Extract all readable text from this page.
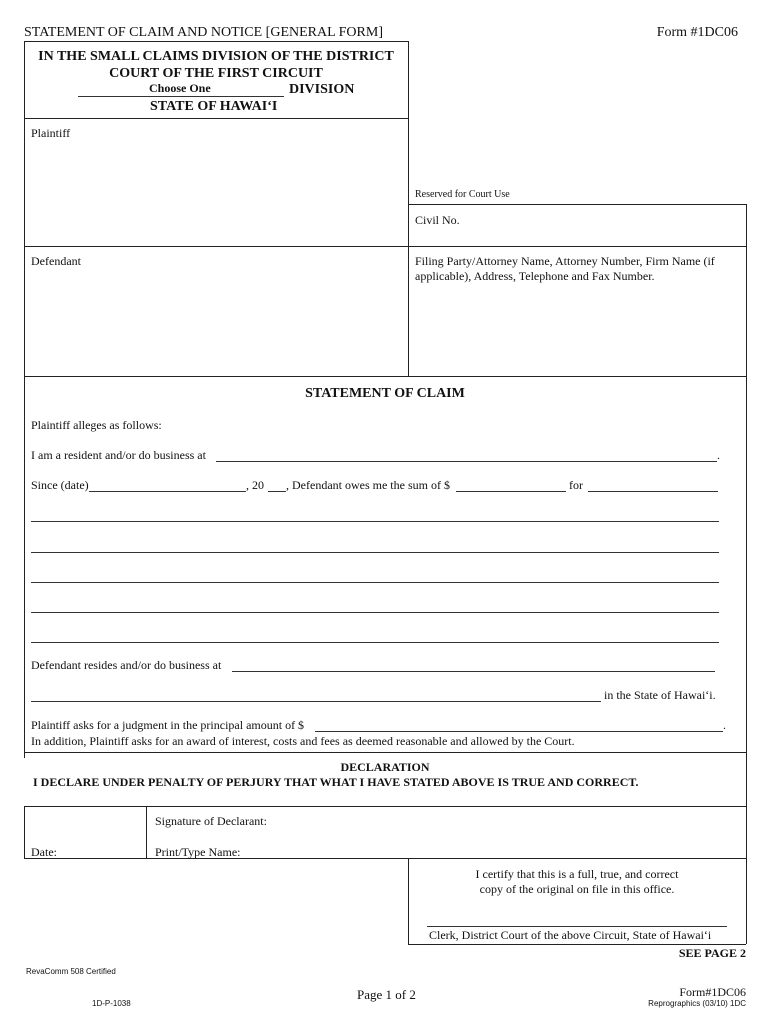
STATEMENT OF CLAIM AND NOTICE [GENERAL FORM]	Form #1DC06
IN THE SMALL CLAIMS DIVISION OF THE DISTRICT
COURT OF THE FIRST CIRCUIT
Choose One	DIVISION
STATE OF HAWAI‘I
Plaintiff
Defendant
Reserved for Court Use
Civil No.
Filing Party/Attorney Name, Attorney Number, Firm Name (if applicable), Address, Telephone and Fax Number.
STATEMENT OF CLAIM
Plaintiff alleges as follows:
I am a resident and/or do business at	.
Since (date)	, 20 , Defendant owes me the sum of $	for
Defendant resides and/or do business at
in the State of Hawai‘i.
Plaintiff asks for a judgment in the principal amount of $	.
In addition, Plaintiff asks for an award of interest, costs and fees as deemed reasonable and allowed by the Court.
DECLARATION
I DECLARE UNDER PENALTY OF PERJURY THAT WHAT I HAVE STATED ABOVE IS TRUE AND CORRECT.
Signature of Declarant:
Date:	Print/Type Name:
I certify that this is a full, true, and correct
copy of the original on file in this office.
Clerk, District Court of the above Circuit, State of Hawai‘i
SEE PAGE 2
RevaComm 508 Certified
Page 1 of 2	Form#1DC06
1D-P-1038	Reprographics (03/10) 1DC
